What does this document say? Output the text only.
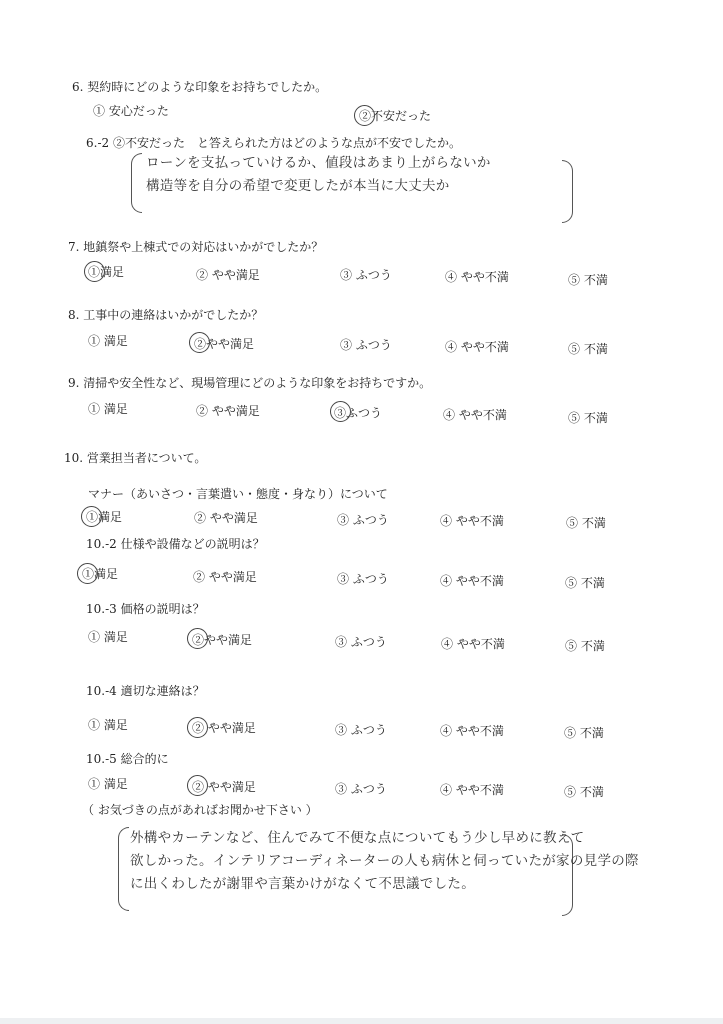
6. 契約時にどのような印象をお持ちでしたか。
① 安心だった	②不安だった
6.-2 ②不安だった　と答えられた方はどのような点が不安でしたか。
ローンを支払っていけるか、値段はあまり上がらないか
構造等を自分の希望で変更したが本当に大丈夫か
7. 地鎮祭や上棟式での対応はいかがでしたか？
①満足	② やや満足	③ ふつう	④ やや不満	⑤ 不満
8. 工事中の連絡はいかがでしたか？
① 満足	②やや満足	③ ふつう	④ やや不満	⑤ 不満
9. 清掃や安全性など、現場管理にどのような印象をお持ちですか。
① 満足	② やや満足	③ふつう	④ やや不満	⑤ 不満
10. 営業担当者について。
マナー（あいさつ・言葉遣い・態度・身なり）について
①満足	② やや満足	③ ふつう	④ やや不満	⑤ 不満
10.-2 仕様や設備などの説明は？
①満足	② やや満足	③ ふつう	④ やや不満	⑤ 不満
10.-3 価格の説明は？
① 満足	②やや満足	③ ふつう	④ やや不満	⑤ 不満
10.-4 適切な連絡は？
① 満足	② やや満足	③ ふつう	④ やや不満	⑤ 不満
10.-5 総合的に
① 満足	② やや満足	③ ふつう	④ やや不満	⑤ 不満
（ お気づきの点があればお聞かせ下さい ）
外構やカーテンなど、住んでみて不便な点についてもう少し早めに教えて
欲しかった。インテリアコーディネーターの人も病休と伺っていたが家の見学の際
に出くわしたが謝罪や言葉かけがなくて不思議でした。
